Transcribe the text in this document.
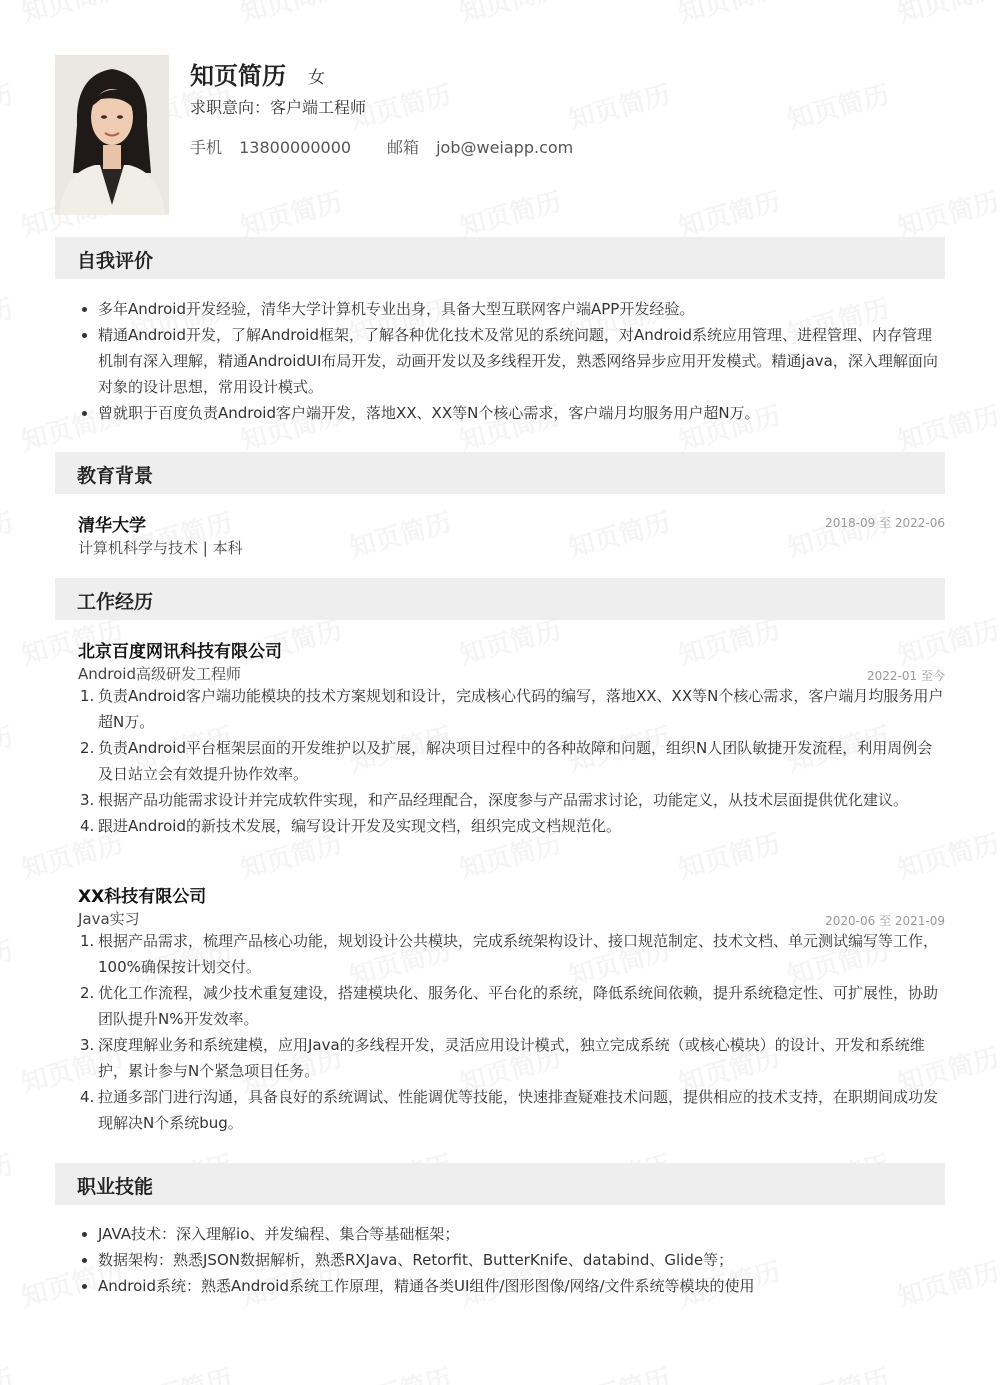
知页简历 女
求职意向：客户端工程师
手机 13800000000 邮箱 job@weiapp.com
自我评价
多年Android开发经验，清华大学计算机专业出身，具备大型互联网客户端APP开发经验。
精通Android开发，了解Android框架，了解各种优化技术及常见的系统问题，对Android系统应用管理、进程管理、内存管理机制有深入理解，精通AndroidUI布局开发，动画开发以及多线程开发，熟悉网络异步应用开发模式。精通java，深入理解面向对象的设计思想，常用设计模式。
曾就职于百度负责Android客户端开发，落地XX、XX等N个核心需求，客户端月均服务用户超N万。
教育背景
清华大学	2018-09 至 2022-06
计算机科学与技术 | 本科
工作经历
北京百度网讯科技有限公司
Android高级研发工程师	2022-01 至今
1. 负责Android客户端功能模块的技术方案规划和设计，完成核心代码的编写，落地XX、XX等N个核心需求，客户端月均服务用户超N万。
2. 负责Android平台框架层面的开发维护以及扩展，解决项目过程中的各种故障和问题，组织N人团队敏捷开发流程，利用周例会及日站立会有效提升协作效率。
3. 根据产品功能需求设计并完成软件实现，和产品经理配合，深度参与产品需求讨论，功能定义，从技术层面提供优化建议。
4. 跟进Android的新技术发展，编写设计开发及实现文档，组织完成文档规范化。
XX科技有限公司
Java实习	2020-06 至 2021-09
1. 根据产品需求，梳理产品核心功能，规划设计公共模块，完成系统架构设计、接口规范制定、技术文档、单元测试编写等工作，100%确保按计划交付。
2. 优化工作流程，减少技术重复建设，搭建模块化、服务化、平台化的系统，降低系统间依赖，提升系统稳定性、可扩展性，协助团队提升N%开发效率。
3. 深度理解业务和系统建模，应用Java的多线程开发，灵活应用设计模式，独立完成系统（或核心模块）的设计、开发和系统维护，累计参与N个紧急项目任务。
4. 拉通多部门进行沟通，具备良好的系统调试、性能调优等技能，快速排查疑难技术问题，提供相应的技术支持，在职期间成功发现解决N个系统bug。
职业技能
JAVA技术：深入理解io、并发编程、集合等基础框架；
数据架构：熟悉JSON数据解析，熟悉RXJava、Retorfit、ButterKnife、databind、Glide等；
Android系统：熟悉Android系统工作原理，精通各类UI组件/图形图像/网络/文件系统等模块的使用
